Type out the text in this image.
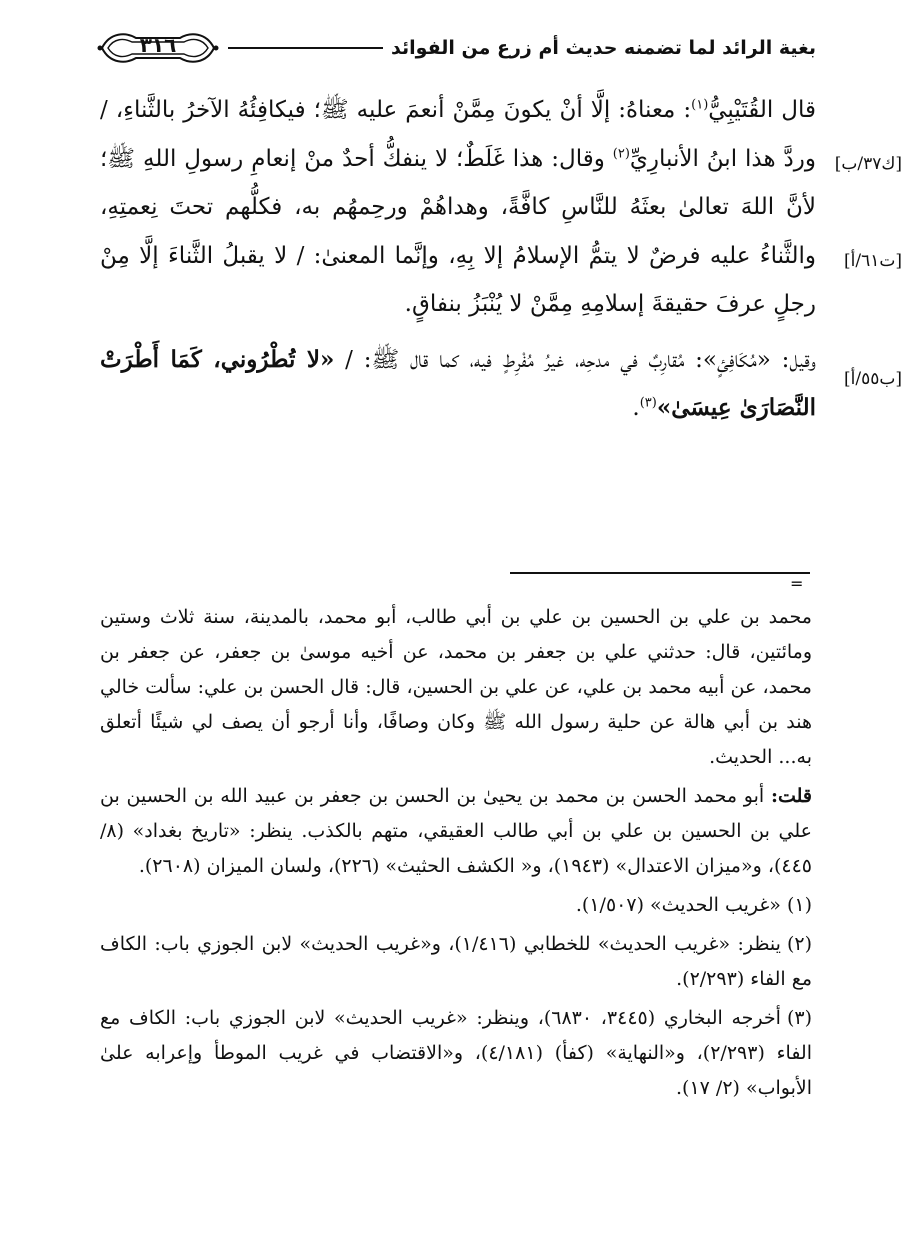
٣١٦	بغية الرائد لما تضمنه حديث أم زرع من الفوائد
[ك٣٧/ب]
[ت٦١/أ]
[ب٥٥/أ]

قال القُتَيْبِيُّ$^{(١)}$: معناهُ: إلَّا أنْ يكونَ مِمَّنْ أنعمَ عليه ﷺ؛ فيكافِئُهُ الآخرُ بالثَّناءِ، / وردَّ هذا ابنُ الأنبارِيِّ$^{(٢)}$ وقال: هذا غَلَطٌ؛ لا ينفكُّ أحدٌ منْ إنعامِ رسولِ اللهِ ﷺ؛ لأنَّ اللهَ تعالىٰ بعثَهُ للنَّاسِ كافَّةً، وهداهُمْ ورحِمهُم به، فكلُّهم تحتَ نِعمتِهِ، والثَّناءُ عليه فرضٌ لا يتمُّ الإسلامُ إلا بِهِ، وإنَّما المعنىٰ: / لا يقبلُ الثَّناءَ إلَّا مِنْ رجلٍ عرفَ حقيقةَ إسلامِهِ مِمَّنْ لا يُنْبَزُ بنفاقٍ.

وقيل: «مُكَافِئٍ»: مُقارِبٌ في مدحِه، غيرُ مُفْرِطٍ فيه، كما قال ﷺ: / «لا تُطْرُوني، كَمَا أَطْرَتْ النَّصَارَىٰ عِيسَىٰ»$^{(٣)}$.

=

محمد بن علي بن الحسين بن علي بن أبي طالب، أبو محمد، بالمدينة، سنة ثلاث وستين ومائتين، قال: حدثني علي بن جعفر بن محمد، عن أخيه موسىٰ بن جعفر، عن جعفر بن محمد، عن أبيه محمد بن علي، عن علي بن الحسين، قال: قال الحسن بن علي: سألت خالي هند بن أبي هالة عن حلية رسول الله ﷺ وكان وصافًا، وأنا أرجو أن يصف لي شيئًا أتعلق به... الحديث.

قلت: أبو محمد الحسن بن محمد بن يحيىٰ بن الحسن بن جعفر بن عبيد الله بن الحسين بن علي بن الحسين بن علي بن أبي طالب العقيقي، متهم بالكذب. ينظر: «تاريخ بغداد» (٨/ ٤٤٥)، و«ميزان الاعتدال» (١٩٤٣)، و« الكشف الحثيث» (٢٢٦)، ولسان الميزان (٢٦٠٨).

(١)«غريب الحديث» (١/٥٠٧).

(٢)ينظر: «غريب الحديث» للخطابي (١/٤١٦)، و«غريب الحديث» لابن الجوزي باب: الكاف مع الفاء (٢/٢٩٣).

(٣)أخرجه البخاري (٣٤٤٥، ٦٨٣٠)، وينظر: «غريب الحديث» لابن الجوزي باب: الكاف مع الفاء (٢/٢٩٣)، و«النهاية» (كفأ) (٤/١٨١)، و«الاقتضاب في غريب الموطأ وإعرابه علىٰ الأبواب» (٢/ ١٧).
